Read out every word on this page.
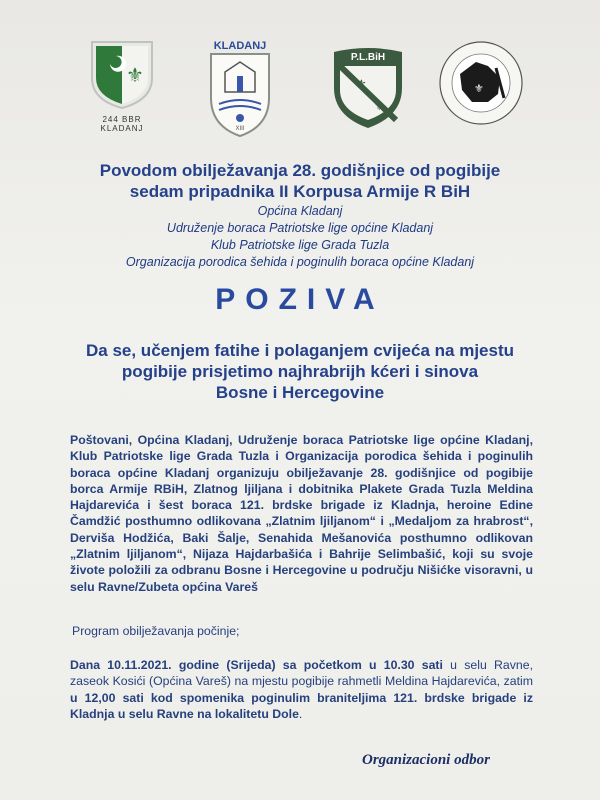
⚜
244 BBR
KLADANJ
KLADANJ
XIII
⚜
⚜
P.L.BiH
⚜
Povodom obilježavanja 28. godišnjice od pogibije
sedam pripadnika II Korpusa Armije R BiH
Općina Kladanj
Udruženje boraca Patriotske lige općine Kladanj
Klub Patriotske lige Grada Tuzla
Organizacija porodica šehida i poginulih boraca općine Kladanj
POZIVA
Da se, učenjem fatihe i polaganjem cvijeća na mjestu
pogibije prisjetimo najhrabrijh kćeri i sinova
Bosne i Hercegovine
Poštovani, Općina Kladanj, Udruženje boraca Patriotske lige općine Kladanj, Klub Patriotske lige Grada Tuzla i Organizacija porodica šehida i poginulih boraca općine Kladanj organizuju obilježavanje 28. godišnjice od pogibije borca Armije RBiH, Zlatnog ljiljana i dobitnika Plakete Grada Tuzla Meldina Hajdarevića i šest boraca 121. brdske brigade iz Kladnja, heroine Edine Čamdžić posthumno odlikovana „Zlatnim ljiljanom“ i „Medaljom za hrabrost“, Derviša Hodžića, Baki Šalje, Senahida Mešanovića posthumno odlikovan „Zlatnim ljiljanom“, Nijaza Hajdarbašića i Bahrije Selimbašić, koji su svoje živote položili za odbranu Bosne i Hercegovine u području Nišićke visoravni, u selu Ravne/Zubeta općina Vareš
Program obilježavanja počinje;
Dana 10.11.2021. godine (Srijeda) sa početkom u 10.30 sati u selu Ravne, zaseok Kosići (Općina Vareš) na mjestu pogibije rahmetli Meldina Hajdarevića, zatim u 12,00 sati kod spomenika poginulim braniteljima 121. brdske brigade iz Kladnja u selu Ravne na lokalitetu Dole.
Organizacioni odbor
